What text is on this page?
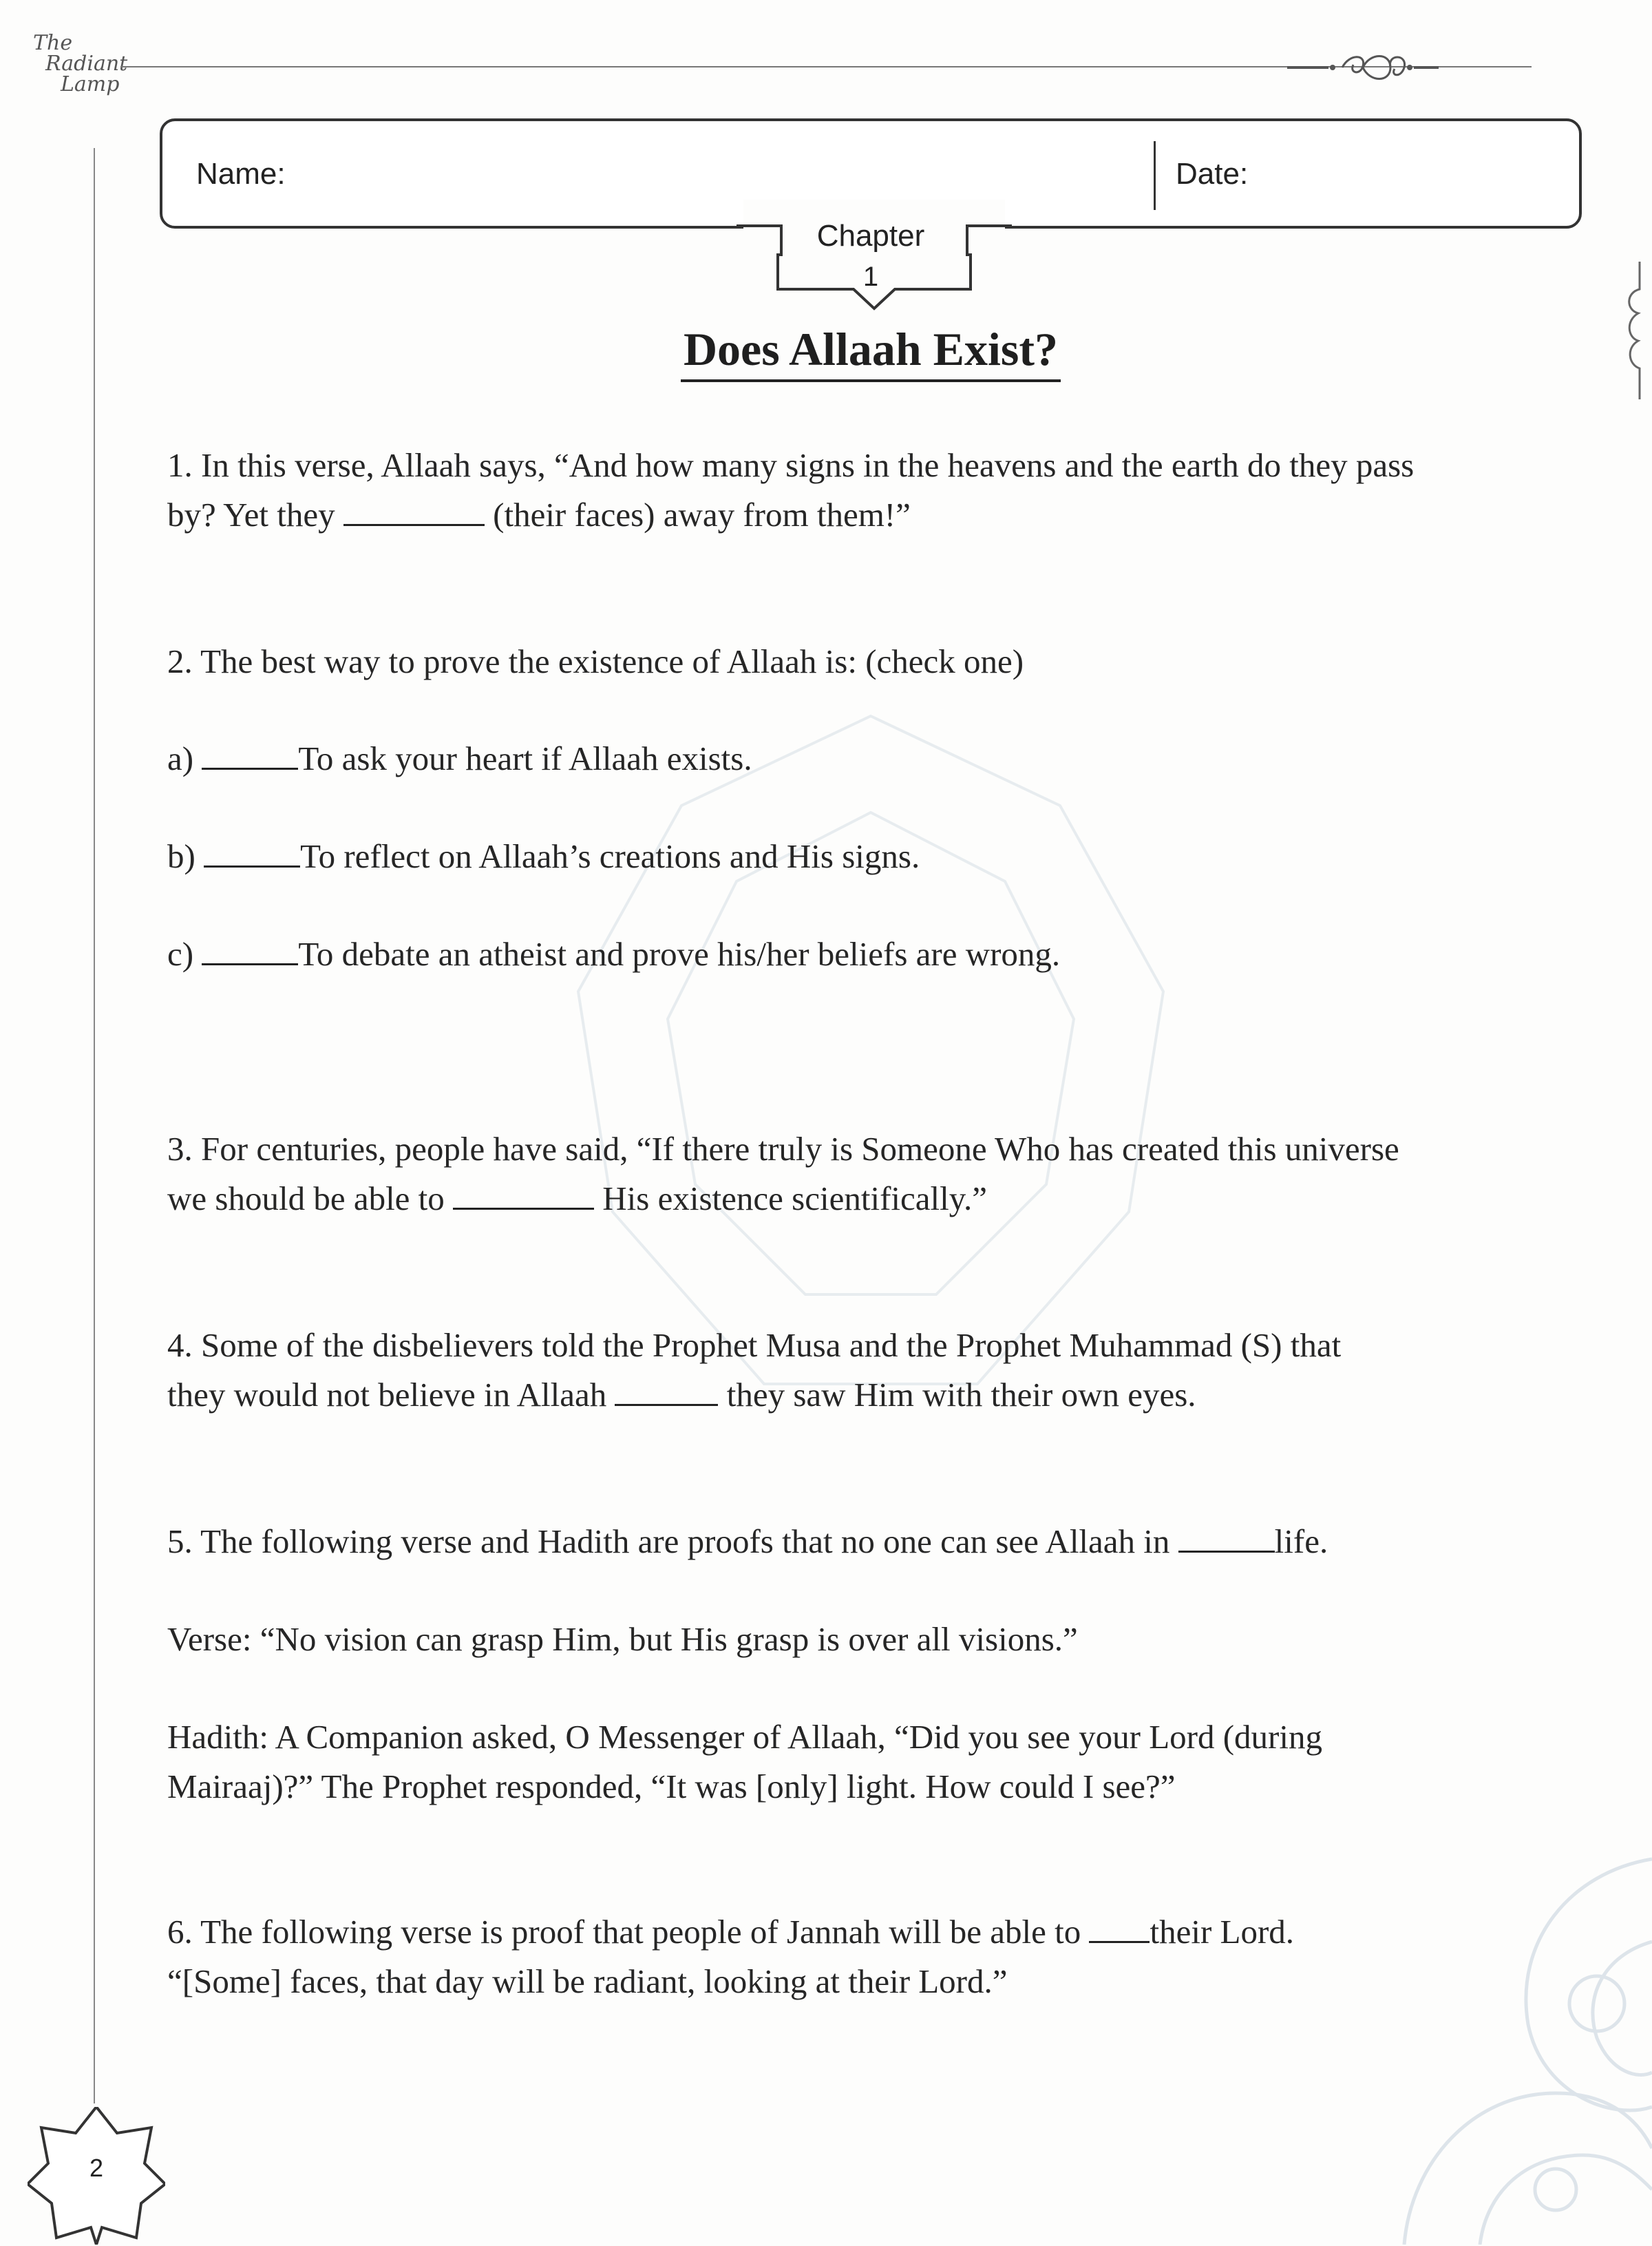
The
Radiant
Lamp
Name:	Date:
Chapter
1
Does Allaah Exist?
1. In this verse, Allaah says, “And how many signs in the heavens and the earth do they pass
by? Yet they	(their faces) away from them!”
2. The best way to prove the existence of Allaah is: (check one)
a)	To ask your heart if Allaah exists.
b)	To reflect on Allaah’s creations and His signs.
c)	To debate an atheist and prove his/her beliefs are wrong.
3. For centuries, people have said, “If there truly is Someone Who has created this universe
we should be able to	His existence scientifically.”
4. Some of the disbelievers told the Prophet Musa and the Prophet Muhammad (S) that
they would not believe in Allaah	they saw Him with their own eyes.
5. The following verse and Hadith are proofs that no one can see Allaah in	life.
Verse: “No vision can grasp Him, but His grasp is over all visions.”
Hadith: A Companion asked, O Messenger of Allaah, “Did you see your Lord (during
Mairaaj)?” The Prophet responded, “It was [only] light. How could I see?”
6. The following verse is proof that people of Jannah will be able to their Lord.
“[Some] faces, that day will be radiant, looking at their Lord.”
2
